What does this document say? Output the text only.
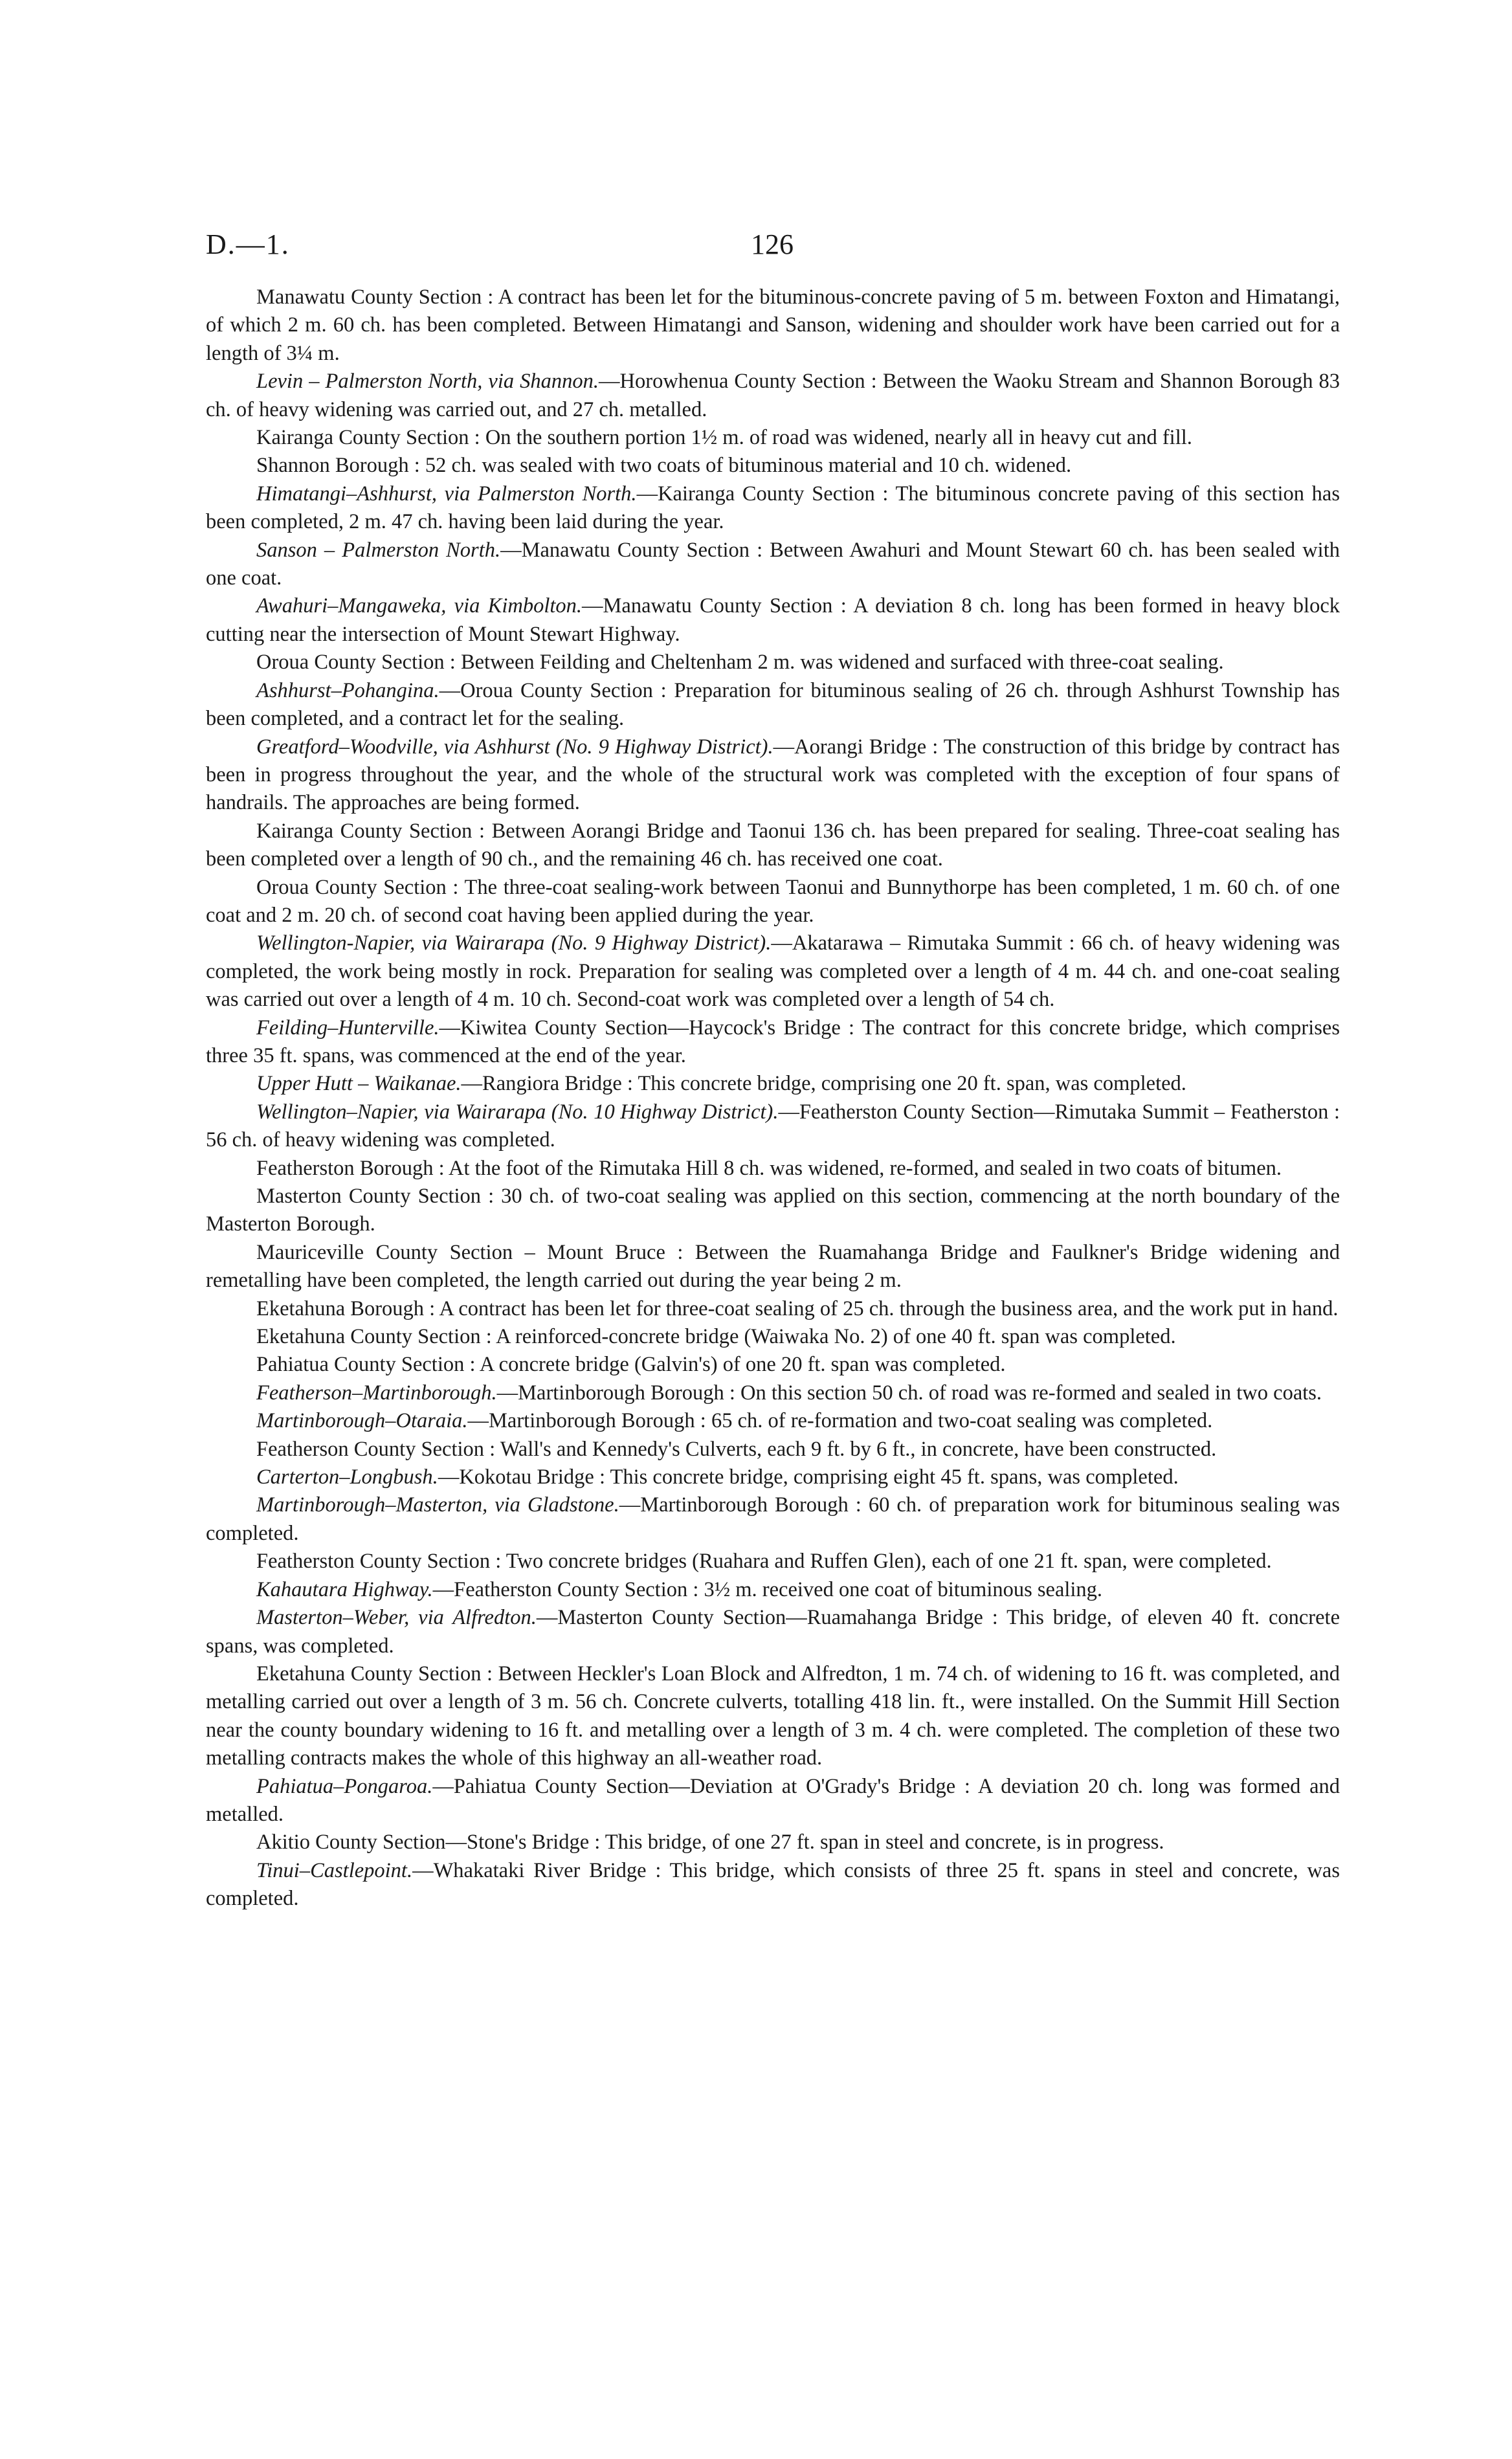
D.—1.	126

Manawatu County Section : A contract has been let for the bituminous-concrete paving of 5 m. between Foxton and Himatangi, of which 2 m. 60 ch. has been completed. Between Himatangi and Sanson, widening and shoulder work have been carried out for a length of 3¼ m.

Levin – Palmerston North, via Shannon.—Horowhenua County Section : Between the Waoku Stream and Shannon Borough 83 ch. of heavy widening was carried out, and 27 ch. metalled.

Kairanga County Section : On the southern portion 1½ m. of road was widened, nearly all in heavy cut and fill.

Shannon Borough : 52 ch. was sealed with two coats of bituminous material and 10 ch. widened.

Himatangi–Ashhurst, via Palmerston North.—Kairanga County Section : The bituminous concrete paving of this section has been completed, 2 m. 47 ch. having been laid during the year.

Sanson – Palmerston North.—Manawatu County Section : Between Awahuri and Mount Stewart 60 ch. has been sealed with one coat.

Awahuri–Mangaweka, via Kimbolton.—Manawatu County Section : A deviation 8 ch. long has been formed in heavy block cutting near the intersection of Mount Stewart Highway.

Oroua County Section : Between Feilding and Cheltenham 2 m. was widened and surfaced with three-coat sealing.

Ashhurst–Pohangina.—Oroua County Section : Preparation for bituminous sealing of 26 ch. through Ashhurst Township has been completed, and a contract let for the sealing.

Greatford–Woodville, via Ashhurst (No. 9 Highway District).—Aorangi Bridge : The construction of this bridge by contract has been in progress throughout the year, and the whole of the structural work was completed with the exception of four spans of handrails. The approaches are being formed.

Kairanga County Section : Between Aorangi Bridge and Taonui 136 ch. has been prepared for sealing. Three-coat sealing has been completed over a length of 90 ch., and the remaining 46 ch. has received one coat.

Oroua County Section : The three-coat sealing-work between Taonui and Bunnythorpe has been completed, 1 m. 60 ch. of one coat and 2 m. 20 ch. of second coat having been applied during the year.

Wellington-Napier, via Wairarapa (No. 9 Highway District).—Akatarawa – Rimutaka Summit : 66 ch. of heavy widening was completed, the work being mostly in rock. Preparation for sealing was completed over a length of 4 m. 44 ch. and one-coat sealing was carried out over a length of 4 m. 10 ch. Second-coat work was completed over a length of 54 ch.

Feilding–Hunterville.—Kiwitea County Section—Haycock's Bridge : The contract for this concrete bridge, which comprises three 35 ft. spans, was commenced at the end of the year.

Upper Hutt – Waikanae.—Rangiora Bridge : This concrete bridge, comprising one 20 ft. span, was completed.

Wellington–Napier, via Wairarapa (No. 10 Highway District).—Featherston County Section—Rimutaka Summit – Featherston : 56 ch. of heavy widening was completed.

Featherston Borough : At the foot of the Rimutaka Hill 8 ch. was widened, re-formed, and sealed in two coats of bitumen.

Masterton County Section : 30 ch. of two-coat sealing was applied on this section, commencing at the north boundary of the Masterton Borough.

Mauriceville County Section – Mount Bruce : Between the Ruamahanga Bridge and Faulkner's Bridge widening and remetalling have been completed, the length carried out during the year being 2 m.

Eketahuna Borough : A contract has been let for three-coat sealing of 25 ch. through the business area, and the work put in hand.

Eketahuna County Section : A reinforced-concrete bridge (Waiwaka No. 2) of one 40 ft. span was completed.

Pahiatua County Section : A concrete bridge (Galvin's) of one 20 ft. span was completed.

Featherson–Martinborough.—Martinborough Borough : On this section 50 ch. of road was re-formed and sealed in two coats.

Martinborough–Otaraia.—Martinborough Borough : 65 ch. of re-formation and two-coat sealing was completed.

Featherson County Section : Wall's and Kennedy's Culverts, each 9 ft. by 6 ft., in concrete, have been constructed.

Carterton–Longbush.—Kokotau Bridge : This concrete bridge, comprising eight 45 ft. spans, was completed.

Martinborough–Masterton, via Gladstone.—Martinborough Borough : 60 ch. of preparation work for bituminous sealing was completed.

Featherston County Section : Two concrete bridges (Ruahara and Ruffen Glen), each of one 21 ft. span, were completed.

Kahautara Highway.—Featherston County Section : 3½ m. received one coat of bituminous sealing.

Masterton–Weber, via Alfredton.—Masterton County Section—Ruamahanga Bridge : This bridge, of eleven 40 ft. concrete spans, was completed.

Eketahuna County Section : Between Heckler's Loan Block and Alfredton, 1 m. 74 ch. of widening to 16 ft. was completed, and metalling carried out over a length of 3 m. 56 ch. Concrete culverts, totalling 418 lin. ft., were installed. On the Summit Hill Section near the county boundary widening to 16 ft. and metalling over a length of 3 m. 4 ch. were completed. The completion of these two metalling contracts makes the whole of this highway an all-weather road.

Pahiatua–Pongaroa.—Pahiatua County Section—Deviation at O'Grady's Bridge : A deviation 20 ch. long was formed and metalled.

Akitio County Section—Stone's Bridge : This bridge, of one 27 ft. span in steel and concrete, is in progress.

Tinui–Castlepoint.—Whakataki River Bridge : This bridge, which consists of three 25 ft. spans in steel and concrete, was completed.
